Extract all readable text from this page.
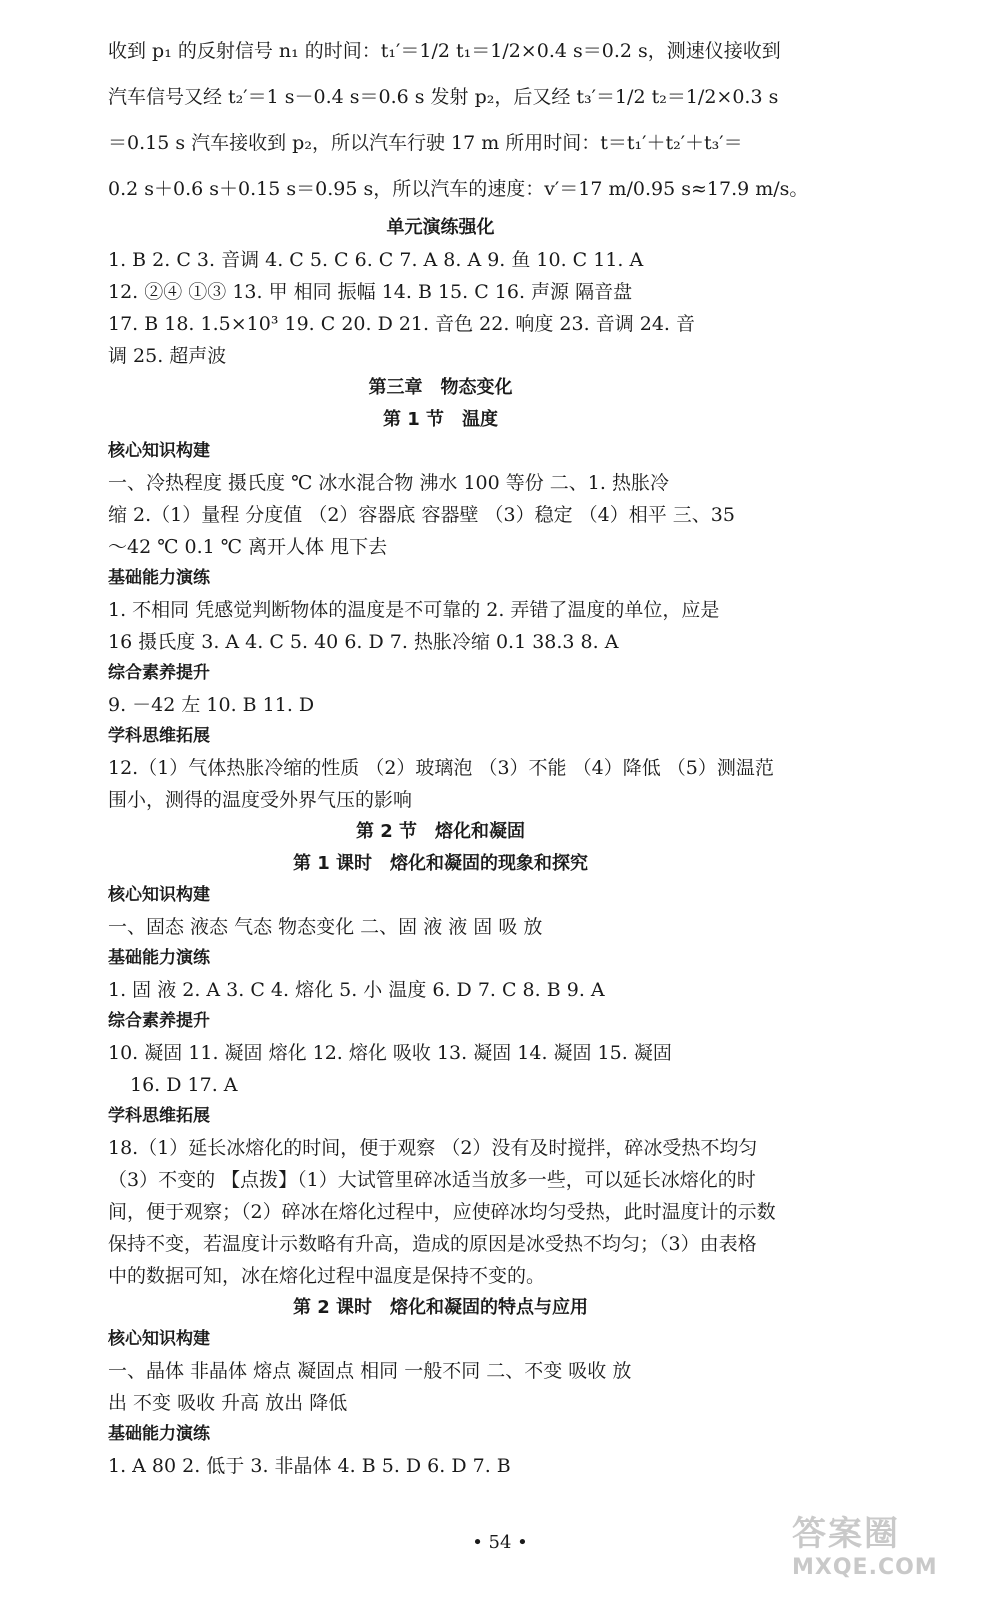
收到 p₁ 的反射信号 n₁ 的时间：t₁′＝1/2 t₁＝1/2×0.4 s＝0.2 s，测速仪接收到
汽车信号又经 t₂′＝1 s－0.4 s＝0.6 s 发射 p₂，后又经 t₃′＝1/2 t₂＝1/2×0.3 s
＝0.15 s 汽车接收到 p₂，所以汽车行驶 17 m 所用时间：t＝t₁′＋t₂′＋t₃′＝
0.2 s＋0.6 s＋0.15 s＝0.95 s，所以汽车的速度：v′＝17 m/0.95 s≈17.9 m/s。
单元演练强化
1. B 2. C 3. 音调 4. C 5. C 6. C 7. A 8. A 9. 鱼 10. C 11. A
12. ②④ ①③ 13. 甲 相同 振幅 14. B 15. C 16. 声源 隔音盘
17. B 18. 1.5×10³ 19. C 20. D 21. 音色 22. 响度 23. 音调 24. 音
调 25. 超声波
第三章　物态变化
第 1 节　温度
核心知识构建
一、冷热程度 摄氏度 ℃ 冰水混合物 沸水 100 等份 二、1. 热胀冷
缩 2.（1）量程 分度值 （2）容器底 容器壁 （3）稳定 （4）相平 三、35
～42 ℃ 0.1 ℃ 离开人体 甩下去
基础能力演练
1. 不相同 凭感觉判断物体的温度是不可靠的 2. 弄错了温度的单位，应是
16 摄氏度 3. A 4. C 5. 40 6. D 7. 热胀冷缩 0.1 38.3 8. A
综合素养提升
9. －42 左 10. B 11. D
学科思维拓展
12.（1）气体热胀冷缩的性质 （2）玻璃泡 （3）不能 （4）降低 （5）测温范
围小，测得的温度受外界气压的影响
第 2 节　熔化和凝固
第 1 课时　熔化和凝固的现象和探究
核心知识构建
一、固态 液态 气态 物态变化 二、固 液 液 固 吸 放
基础能力演练
1. 固 液 2. A 3. C 4. 熔化 5. 小 温度 6. D 7. C 8. B 9. A
综合素养提升
10. 凝固 11. 凝固 熔化 12. 熔化 吸收 13. 凝固 14. 凝固 15. 凝固
16. D 17. A
学科思维拓展
18.（1）延长冰熔化的时间，便于观察 （2）没有及时搅拌，碎冰受热不均匀
（3）不变的 【点拨】（1）大试管里碎冰适当放多一些，可以延长冰熔化的时
间，便于观察；（2）碎冰在熔化过程中，应使碎冰均匀受热，此时温度计的示数
保持不变，若温度计示数略有升高，造成的原因是冰受热不均匀；（3）由表格
中的数据可知，冰在熔化过程中温度是保持不变的。
第 2 课时　熔化和凝固的特点与应用
核心知识构建
一、晶体 非晶体 熔点 凝固点 相同 一般不同 二、不变 吸收 放
出 不变 吸收 升高 放出 降低
基础能力演练
1. A 80 2. 低于 3. 非晶体 4. B 5. D 6. D 7. B
• 54 •	答案圈
MXQE.COM
